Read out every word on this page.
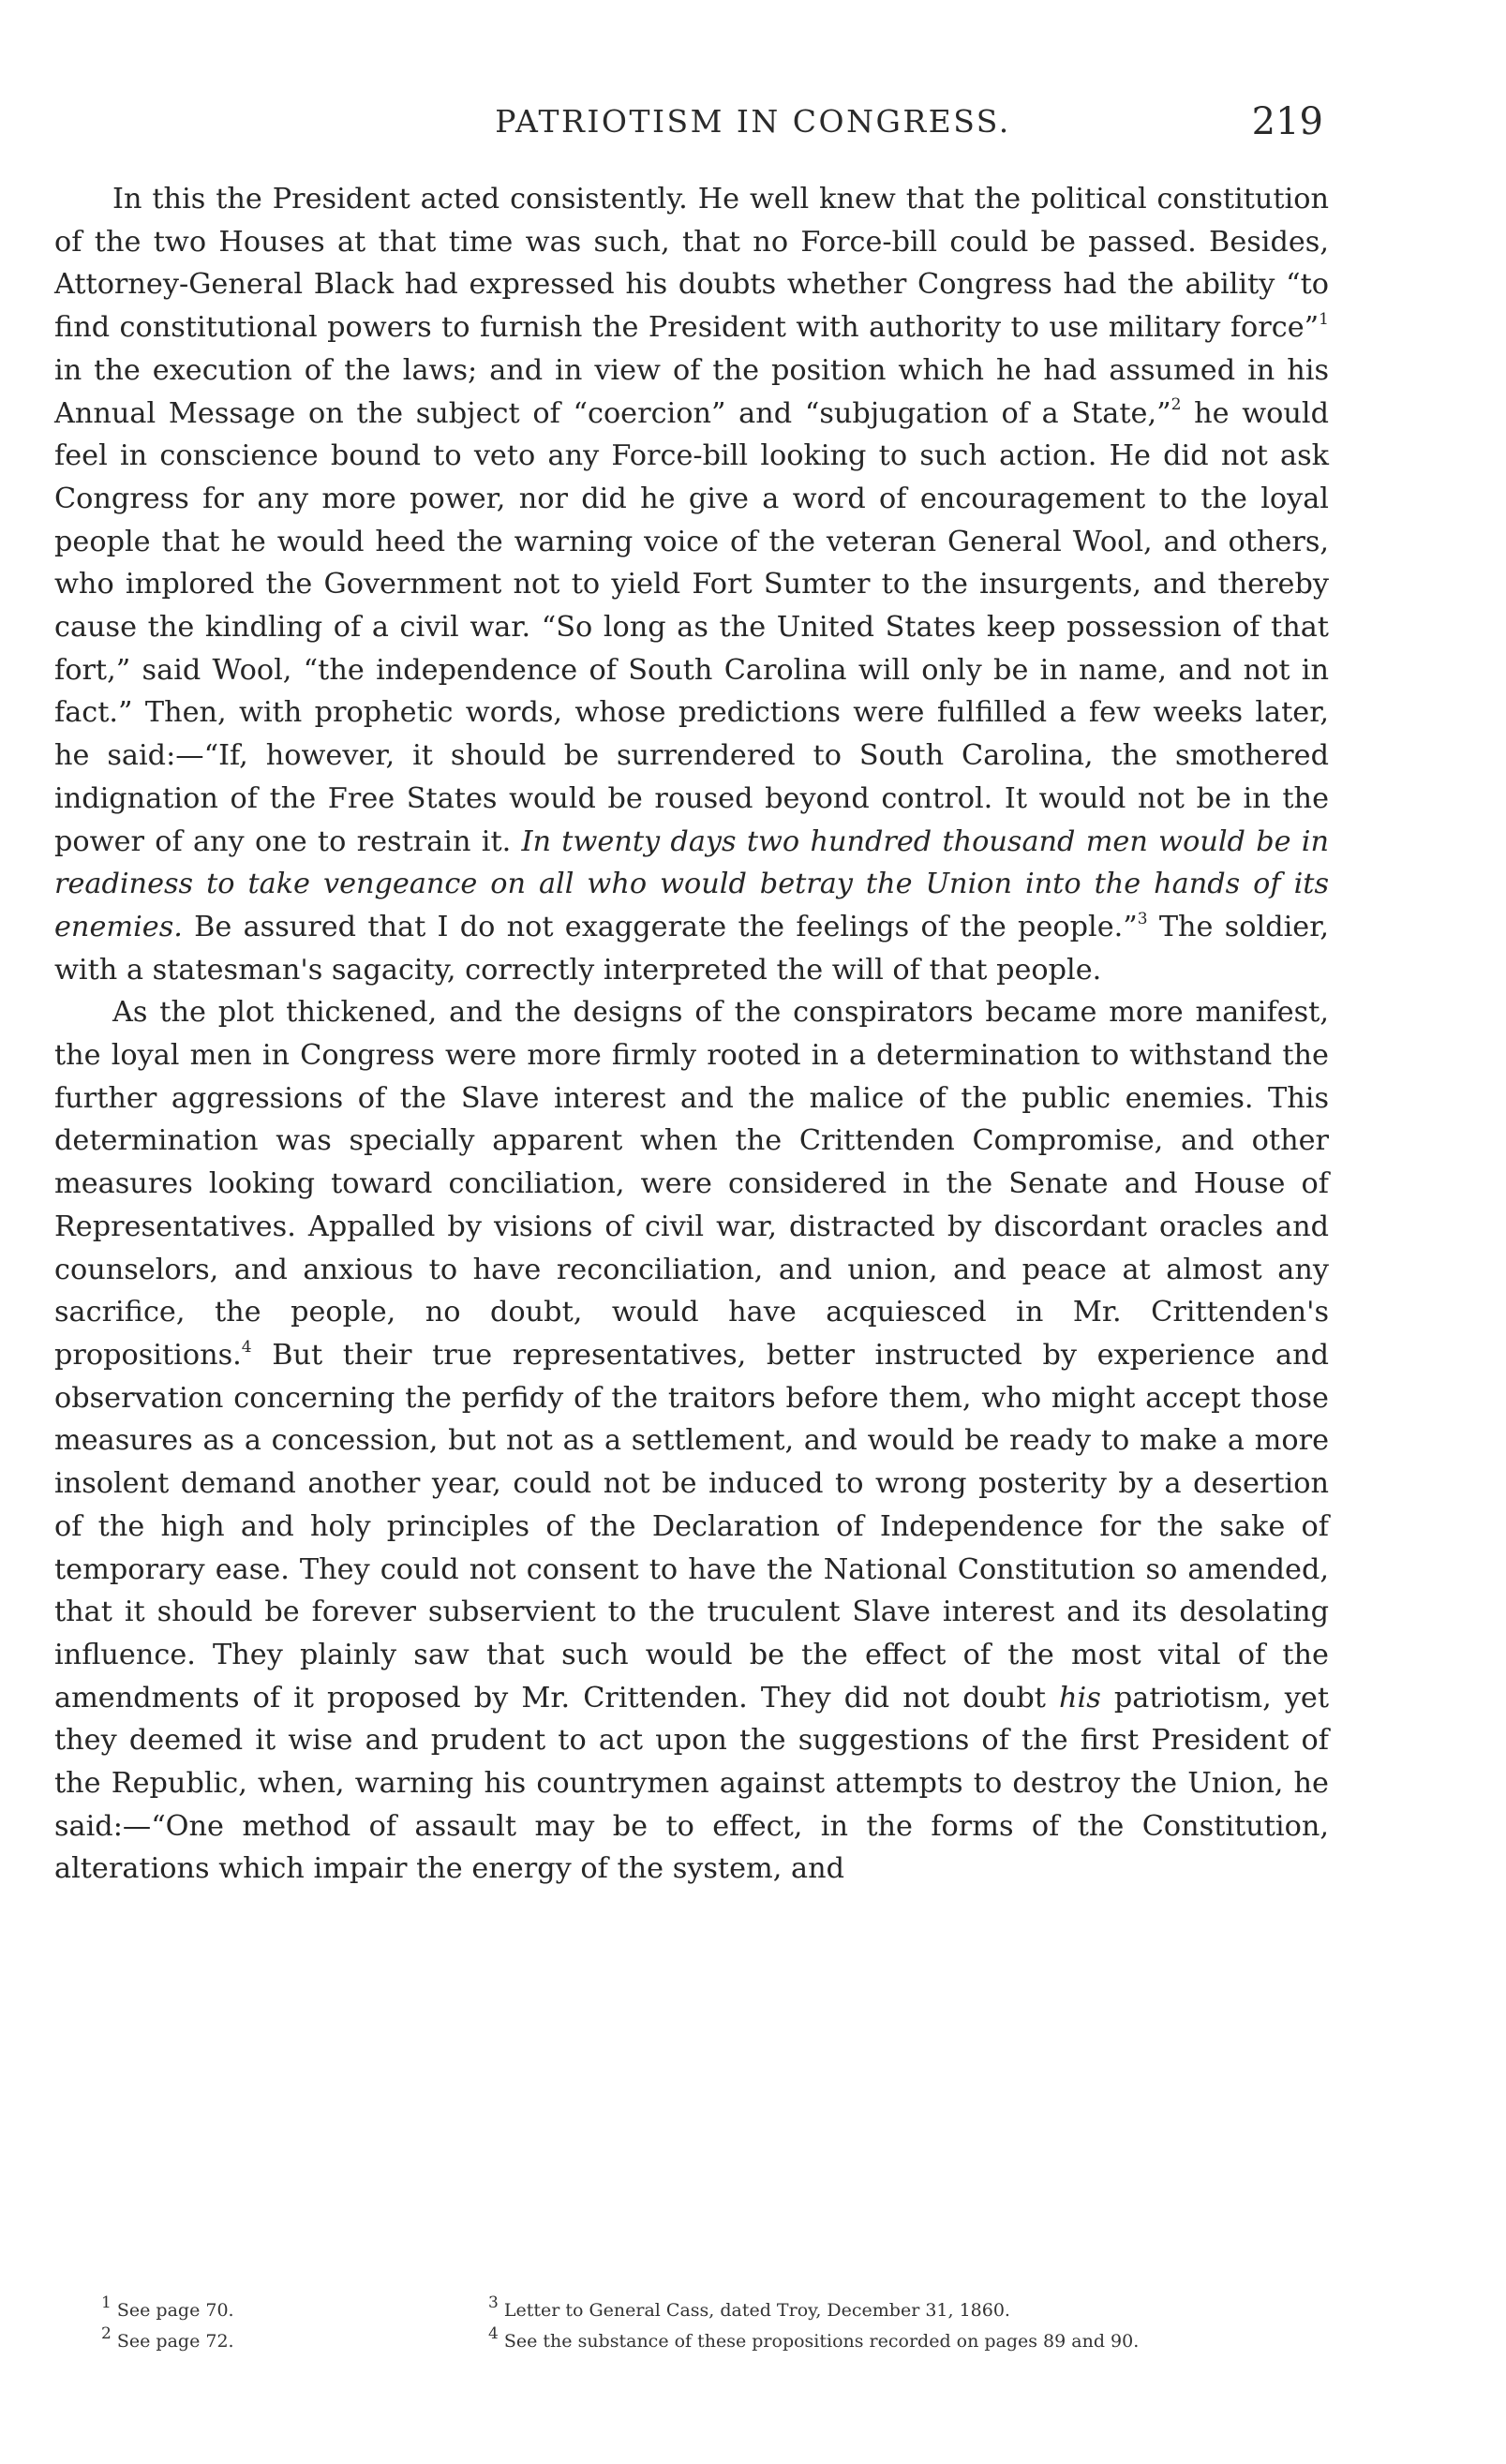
PATRIOTISM IN CONGRESS.	219

In this the President acted consistently. He well knew that the political constitution of the two Houses at that time was such, that no Force-bill could be passed. Besides, Attorney-General Black had expressed his doubts whether Congress had the ability “to find constitutional powers to furnish the President with authority to use military force”$^1$ in the execution of the laws; and in view of the position which he had assumed in his Annual Message on the subject of “coercion” and “subjugation of a State,”$^2$ he would feel in conscience bound to veto any Force-bill looking to such action. He did not ask Congress for any more power, nor did he give a word of encouragement to the loyal people that he would heed the warning voice of the veteran General Wool, and others, who implored the Government not to yield Fort Sumter to the insurgents, and thereby cause the kindling of a civil war. “So long as the United States keep possession of that fort,” said Wool, “the independence of South Carolina will only be in name, and not in fact.” Then, with prophetic words, whose predictions were fulfilled a few weeks later, he said:—“If, however, it should be surrendered to South Carolina, the smothered indignation of the Free States would be roused beyond control. It would not be in the power of any one to restrain it. In twenty days two hundred thousand men would be in readiness to take vengeance on all who would betray the Union into the hands of its enemies. Be assured that I do not exaggerate the feelings of the people.”$^3$ The soldier, with a statesman's sagacity, correctly interpreted the will of that people.

As the plot thickened, and the designs of the conspirators became more manifest, the loyal men in Congress were more firmly rooted in a determination to withstand the further aggressions of the Slave interest and the malice of the public enemies. This determination was specially apparent when the Crittenden Compromise, and other measures looking toward conciliation, were considered in the Senate and House of Representatives. Appalled by visions of civil war, distracted by discordant oracles and counselors, and anxious to have reconciliation, and union, and peace at almost any sacrifice, the people, no doubt, would have acquiesced in Mr. Crittenden's propositions.$^4$ But their true representatives, better instructed by experience and observation concerning the perfidy of the traitors before them, who might accept those measures as a concession, but not as a settlement, and would be ready to make a more insolent demand another year, could not be induced to wrong posterity by a desertion of the high and holy principles of the Declaration of Independence for the sake of temporary ease. They could not consent to have the National Constitution so amended, that it should be forever subservient to the truculent Slave interest and its desolating influence. They plainly saw that such would be the effect of the most vital of the amendments of it proposed by Mr. Crittenden. They did not doubt his patriotism, yet they deemed it wise and prudent to act upon the suggestions of the first President of the Republic, when, warning his countrymen against attempts to destroy the Union, he said:—“One method of assault may be to effect, in the forms of the Constitution, alterations which impair the energy of the system, and

$^1$ See page 70.
$^2$ See page 72.
$^3$ Letter to General Cass, dated Troy, December 31, 1860.
$^4$ See the substance of these propositions recorded on pages 89 and 90.
